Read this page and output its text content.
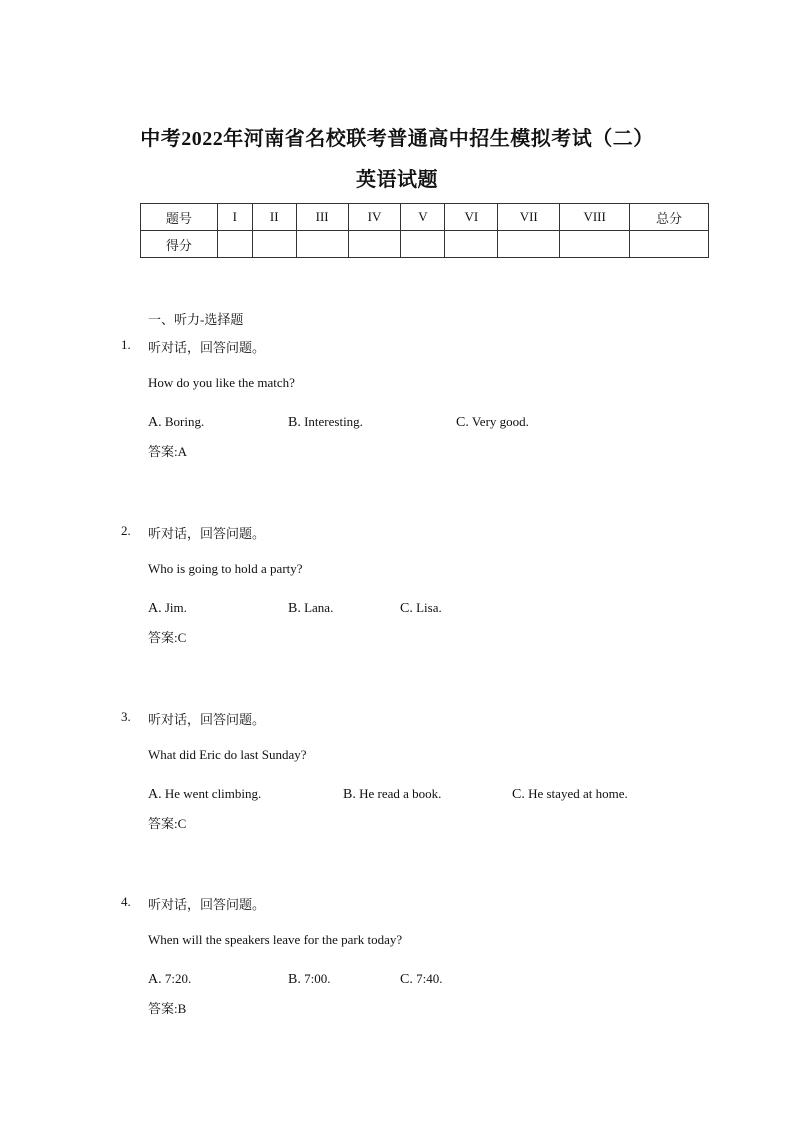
中考2022年河南省名校联考普通高中招生模拟考试（二）
英语试题
题号	I	II	III	IV	V	VI	VII	VIII	总分
得分									
一、听力-选择题
1. 听对话，回答问题。
How do you like the match?
A. Boring.	B. Interesting.	C. Very good.
答案:A
2. 听对话，回答问题。
Who is going to hold a party?
A. Jim.	B. Lana.	C. Lisa.
答案:C
3. 听对话，回答问题。
What did Eric do last Sunday?
A. He went climbing.	B. He read a book.	C. He stayed at home.
答案:C
4. 听对话，回答问题。
When will the speakers leave for the park today?
A. 7:20.	B. 7:00.	C. 7:40.
答案:B
